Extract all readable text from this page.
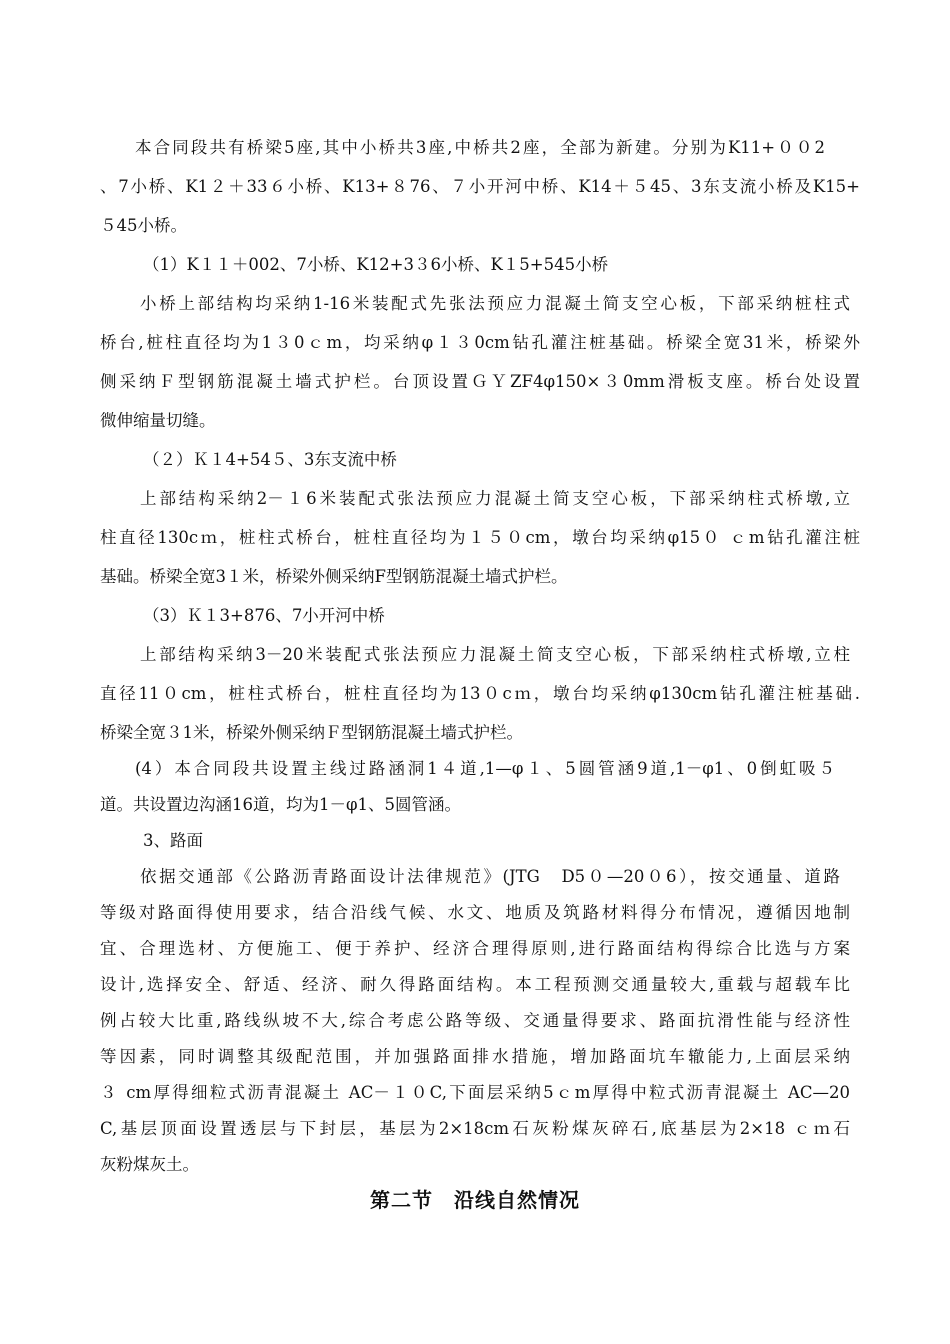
本合同段共有桥梁5座,其中小桥共3座,中桥共2座，全部为新建。分别为K11+００2
、7小桥、K1２＋33６小桥、K13+８76、７小开河中桥、K14＋５45、3东支流小桥及K15+
５45小桥。
（1）K１１＋002、7小桥、K12+3３6小桥、K１5+545小桥
小桥上部结构均采纳1-16米装配式先张法预应力混凝土简支空心板，下部采纳桩柱式
桥台,桩柱直径均为1３0ｃm，均采纳φ１３0cm钻孔灌注桩基础。桥梁全宽31米，桥梁外
侧采纳Ｆ型钢筋混凝土墙式护栏。台顶设置ＧＹZF4φ150×３0mm滑板支座。桥台处设置
微伸缩量切缝。
（２）Ｋ１4+54５、3东支流中桥
上部结构采纳2－１6米装配式张法预应力混凝土简支空心板，下部采纳柱式桥墩,立
柱直径130cｍ，桩柱式桥台，桩柱直径均为１５０cm，墩台均采纳φ15０ ｃm钻孔灌注桩
基础。桥梁全宽3１米，桥梁外侧采纳F型钢筋混凝土墙式护栏。
（3）Ｋ１3+876、7小开河中桥
上部结构采纳3－20米装配式张法预应力混凝土简支空心板，下部采纳柱式桥墩,立柱
直径11０cm，桩柱式桥台，桩柱直径均为13０cｍ，墩台均采纳φ130cm钻孔灌注桩基础.
桥梁全宽３1米，桥梁外侧采纳Ｆ型钢筋混凝土墙式护栏。
(4）本合同段共设置主线过路涵洞1４道,1—φ１、5圆管涵9道,1－φ1、0倒虹吸５
道。共设置边沟涵16道，均为1－φ1、5圆管涵。
3、路面
依据交通部《公路沥青路面设计法律规范》(JTG　D5０—20０6），按交通量、道路
等级对路面得使用要求，结合沿线气候、水文、地质及筑路材料得分布情况，遵循因地制
宜、合理选材、方便施工、便于养护、经济合理得原则,进行路面结构得综合比选与方案
设计,选择安全、舒适、经济、耐久得路面结构。本工程预测交通量较大,重载与超载车比
例占较大比重,路线纵坡不大,综合考虑公路等级、交通量得要求、路面抗滑性能与经济性
等因素，同时调整其级配范围，并加强路面排水措施，增加路面坑车辙能力,上面层采纳
３ cm厚得细粒式沥青混凝土 AC－１０C,下面层采纳5ｃm厚得中粒式沥青混凝土 AC—20
C,基层顶面设置透层与下封层，基层为2×18cm石灰粉煤灰碎石,底基层为2×18 ｃｍ石
灰粉煤灰土。
第二节　沿线自然情况
